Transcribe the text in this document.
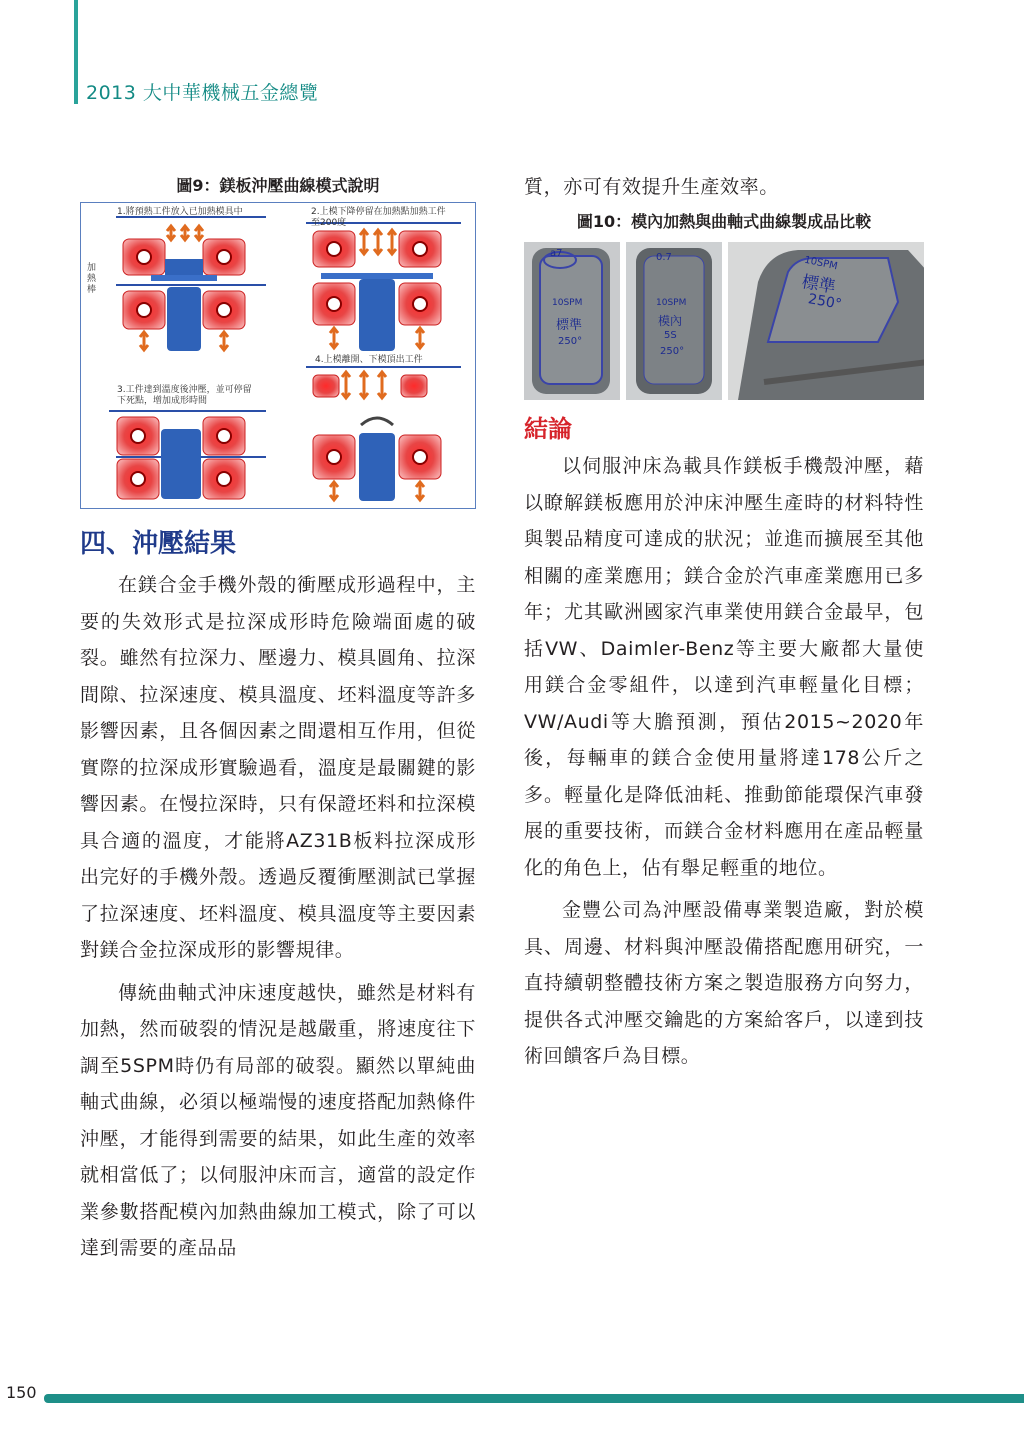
2013 大中華機械五金總覽
圖9：鎂板沖壓曲線模式說明
1.將預熱工件放入已加熱模具中	2.上模下降停留在加熱點加熱工件至200度
3.工件達到溫度後沖壓，並可停留下死點，增加成形時間
4.上模離開、下模頂出工件
加熱棒
四、沖壓結果

在鎂合金手機外殼的衝壓成形過程中，主要的失效形式是拉深成形時危險端面處的破裂。雖然有拉深力、壓邊力、模具圓角、拉深間隙、拉深速度、模具溫度、坯料溫度等許多影響因素，且各個因素之間還相互作用，但從實際的拉深成形實驗過看，溫度是最關鍵的影響因素。在慢拉深時，只有保證坯料和拉深模具合適的溫度，才能將AZ31B板料拉深成形出完好的手機外殼。透過反覆衝壓測試已掌握了拉深速度、坯料溫度、模具溫度等主要因素對鎂合金拉深成形的影響規律。

傳統曲軸式沖床速度越快，雖然是材料有加熱，然而破裂的情況是越嚴重，將速度往下調至5SPM時仍有局部的破裂。顯然以單純曲軸式曲線，必須以極端慢的速度搭配加熱條件沖壓，才能得到需要的結果，如此生產的效率就相當低了；以伺服沖床而言，適當的設定作業參數搭配模內加熱曲線加工模式，除了可以達到需要的產品品

質，亦可有效提升生產效率。

圖10：模內加熱與曲軸式曲線製成品比較
a7
10SPM
標準
250°
0.7
10SPM
模內
5S
250°
10SPM
標準
250°
結論

以伺服沖床為載具作鎂板手機殼沖壓，藉以瞭解鎂板應用於沖床沖壓生產時的材料特性與製品精度可達成的狀況；並進而擴展至其他相關的產業應用；鎂合金於汽車產業應用已多年；尤其歐洲國家汽車業使用鎂合金最早，包括VW、Daimler-Benz等主要大廠都大量使用鎂合金零組件，以達到汽車輕量化目標； VW/Audi等大膽預測，預估2015~2020年後，每輛車的鎂合金使用量將達178公斤之多。輕量化是降低油耗、推動節能環保汽車發展的重要技術，而鎂合金材料應用在產品輕量化的角色上，佔有舉足輕重的地位。

金豐公司為沖壓設備專業製造廠，對於模具、周邊、材料與沖壓設備搭配應用研究，一直持續朝整體技術方案之製造服務方向努力，提供各式沖壓交鑰匙的方案給客戶，以達到技術回饋客戶為目標。

150
